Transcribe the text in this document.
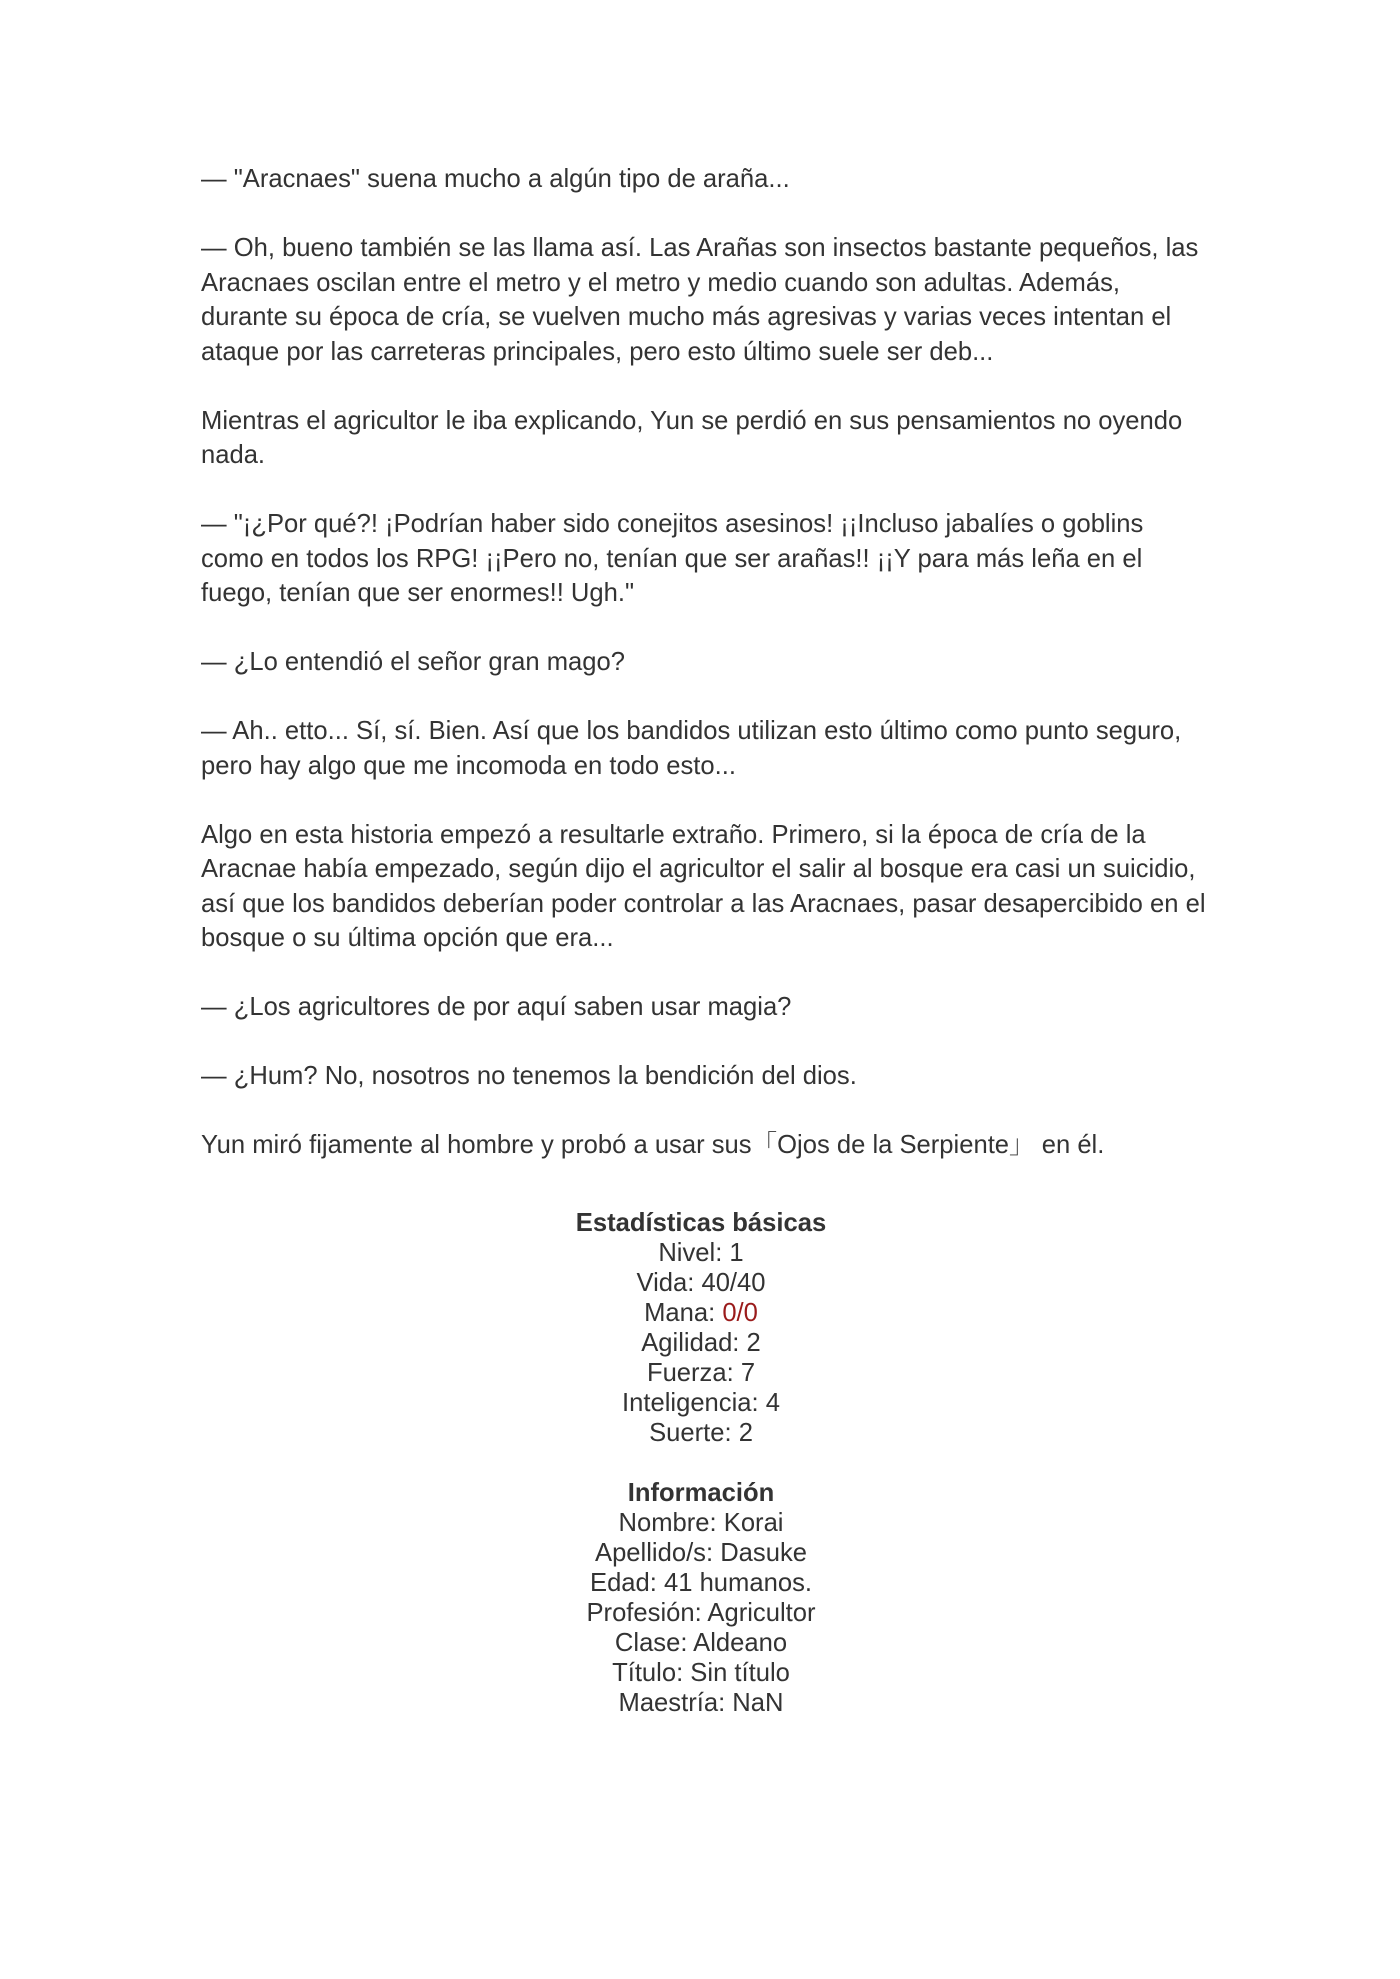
— "Aracnaes" suena mucho a algún tipo de araña...

— Oh, bueno también se las llama así. Las Arañas son insectos bastante pequeños, las Aracnaes oscilan entre el metro y el metro y medio cuando son adultas. Además, durante su época de cría, se vuelven mucho más agresivas y varias veces intentan el ataque por las carreteras principales, pero esto último suele ser deb...

Mientras el agricultor le iba explicando, Yun se perdió en sus pensamientos no oyendo nada.

— "¡¿Por qué?! ¡Podrían haber sido conejitos asesinos! ¡¡Incluso jabalíes o goblins como en todos los RPG! ¡¡Pero no, tenían que ser arañas!! ¡¡Y para más leña en el fuego, tenían que ser enormes!! Ugh."

— ¿Lo entendió el señor gran mago?

— Ah.. etto... Sí, sí. Bien. Así que los bandidos utilizan esto último como punto seguro, pero hay algo que me incomoda en todo esto...

Algo en esta historia empezó a resultarle extraño. Primero, si la época de cría de la Aracnae había empezado, según dijo el agricultor el salir al bosque era casi un suicidio, así que los bandidos deberían poder controlar a las Aracnaes, pasar desapercibido en el bosque o su última opción que era...

— ¿Los agricultores de por aquí saben usar magia?

— ¿Hum? No, nosotros no tenemos la bendición del dios.

Yun miró fijamente al hombre y probó a usar sus「Ojos de la Serpiente」 en él.

Estadísticas básicas

Nivel: 1

Vida: 40/40

Mana: 0/0

Agilidad: 2

Fuerza: 7

Inteligencia: 4

Suerte: 2

Información

Nombre: Korai

Apellido/s: Dasuke

Edad: 41 humanos.

Profesión: Agricultor

Clase: Aldeano

Título: Sin título

Maestría: NaN
